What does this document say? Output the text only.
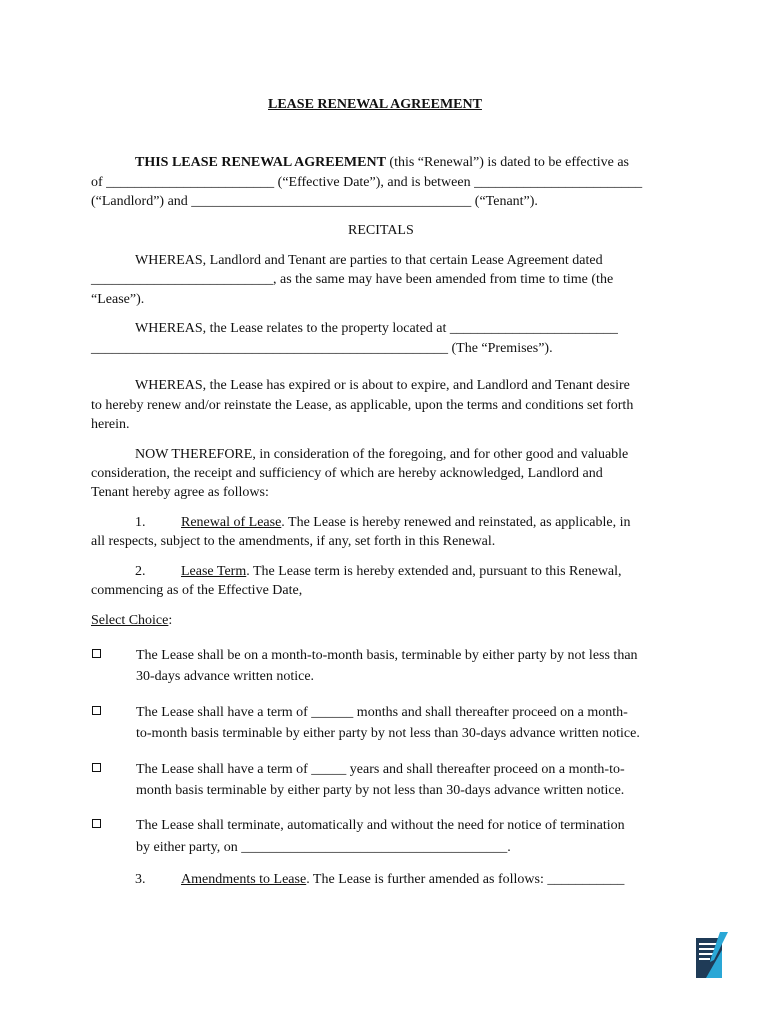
LEASE RENEWAL AGREEMENT

THIS LEASE RENEWAL AGREEMENT (this “Renewal”) is dated to be effective as

of ________________________ (“Effective Date”), and is between ________________________

(“Landlord”) and ________________________________________ (“Tenant”).

RECITALS

WHEREAS, Landlord and Tenant are parties to that certain Lease Agreement dated

__________________________, as the same may have been amended from time to time (the

“Lease”).

WHEREAS, the Lease relates to the property located at ________________________

___________________________________________________ (The “Premises”).

WHEREAS, the Lease has expired or is about to expire, and Landlord and Tenant desire

to hereby renew and/or reinstate the Lease, as applicable, upon the terms and conditions set forth

herein.

NOW THEREFORE, in consideration of the foregoing, and for other good and valuable

consideration, the receipt and sufficiency of which are hereby acknowledged, Landlord and

Tenant hereby agree as follows:

1.	Renewal of Lease. The Lease is hereby renewed and reinstated, as applicable, in

all respects, subject to the amendments, if any, set forth in this Renewal.

2.	Lease Term. The Lease term is hereby extended and, pursuant to this Renewal,

commencing as of the Effective Date,

Select Choice:

The Lease shall be on a month-to-month basis, terminable by either party by not less than

30-days advance written notice.

The Lease shall have a term of ______ months and shall thereafter proceed on a month-

to-month basis terminable by either party by not less than 30-days advance written notice.

The Lease shall have a term of _____ years and shall thereafter proceed on a month-to-

month basis terminable by either party by not less than 30-days advance written notice.

The Lease shall terminate, automatically and without the need for notice of termination

by either party, on ______________________________________.

3.	Amendments to Lease. The Lease is further amended as follows: ___________
